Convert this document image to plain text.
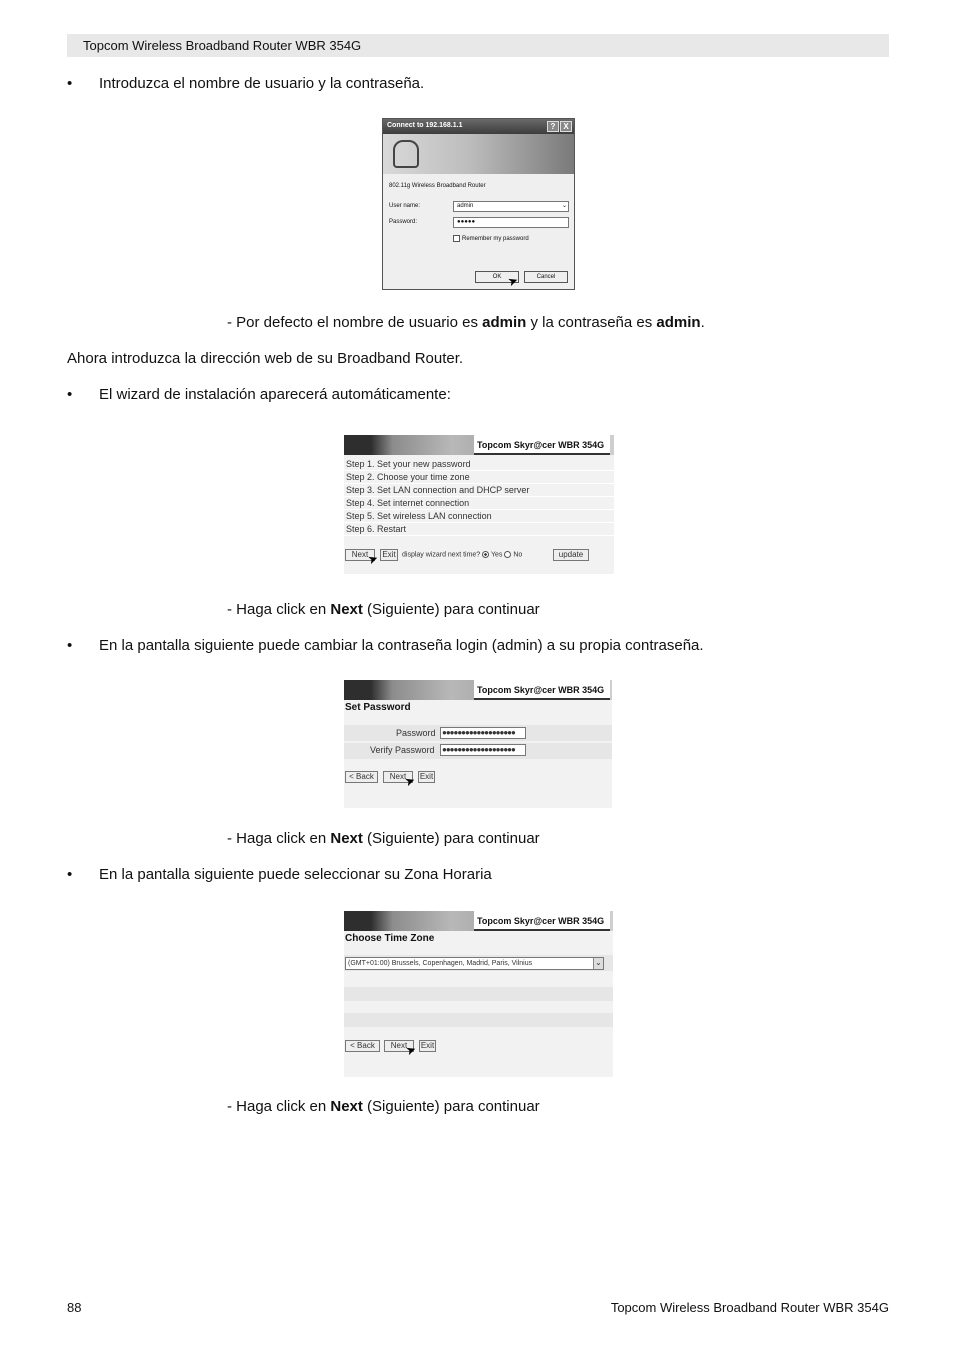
Topcom Wireless Broadband Router WBR 354G
• Introduzca el nombre de usuario y la contraseña.
Connect to 192.168.1.1	? X
802.11g Wireless Broadband Router
User name:	admin	⌄
Password:	●●●●●
Remember my password
OK	Cancel
➤
- Por defecto el nombre de usuario es admin y la contraseña es admin.
Ahora introduzca la dirección web de su Broadband Router.
• El wizard de instalación aparecerá automáticamente:
Topcom Skyr@cer WBR 354G
Step 1. Set your new password
Step 2. Choose your time zone
Step 3. Set LAN connection and DHCP server
Step 4. Set internet connection
Step 5. Set wireless LAN connection
Step 6. Restart
Next	Exit display wizard next time? Yes No	update
➤
- Haga click en Next (Siguiente) para continuar
• En la pantalla siguiente puede cambiar la contraseña login (admin) a su propia contraseña.
Topcom Skyr@cer WBR 354G
Set Password
Password ●●●●●●●●●●●●●●●●●●●
Verify Password ●●●●●●●●●●●●●●●●●●●
< Back	Next	Exit
➤
- Haga click en Next (Siguiente) para continuar
• En la pantalla siguiente puede seleccionar su Zona Horaria
Topcom Skyr@cer WBR 354G
Choose Time Zone
(GMT+01:00) Brussels, Copenhagen, Madrid, Paris, Vilnius	⌄
< Back	Next	Exit
➤
- Haga click en Next (Siguiente) para continuar
88	Topcom Wireless Broadband Router WBR 354G
